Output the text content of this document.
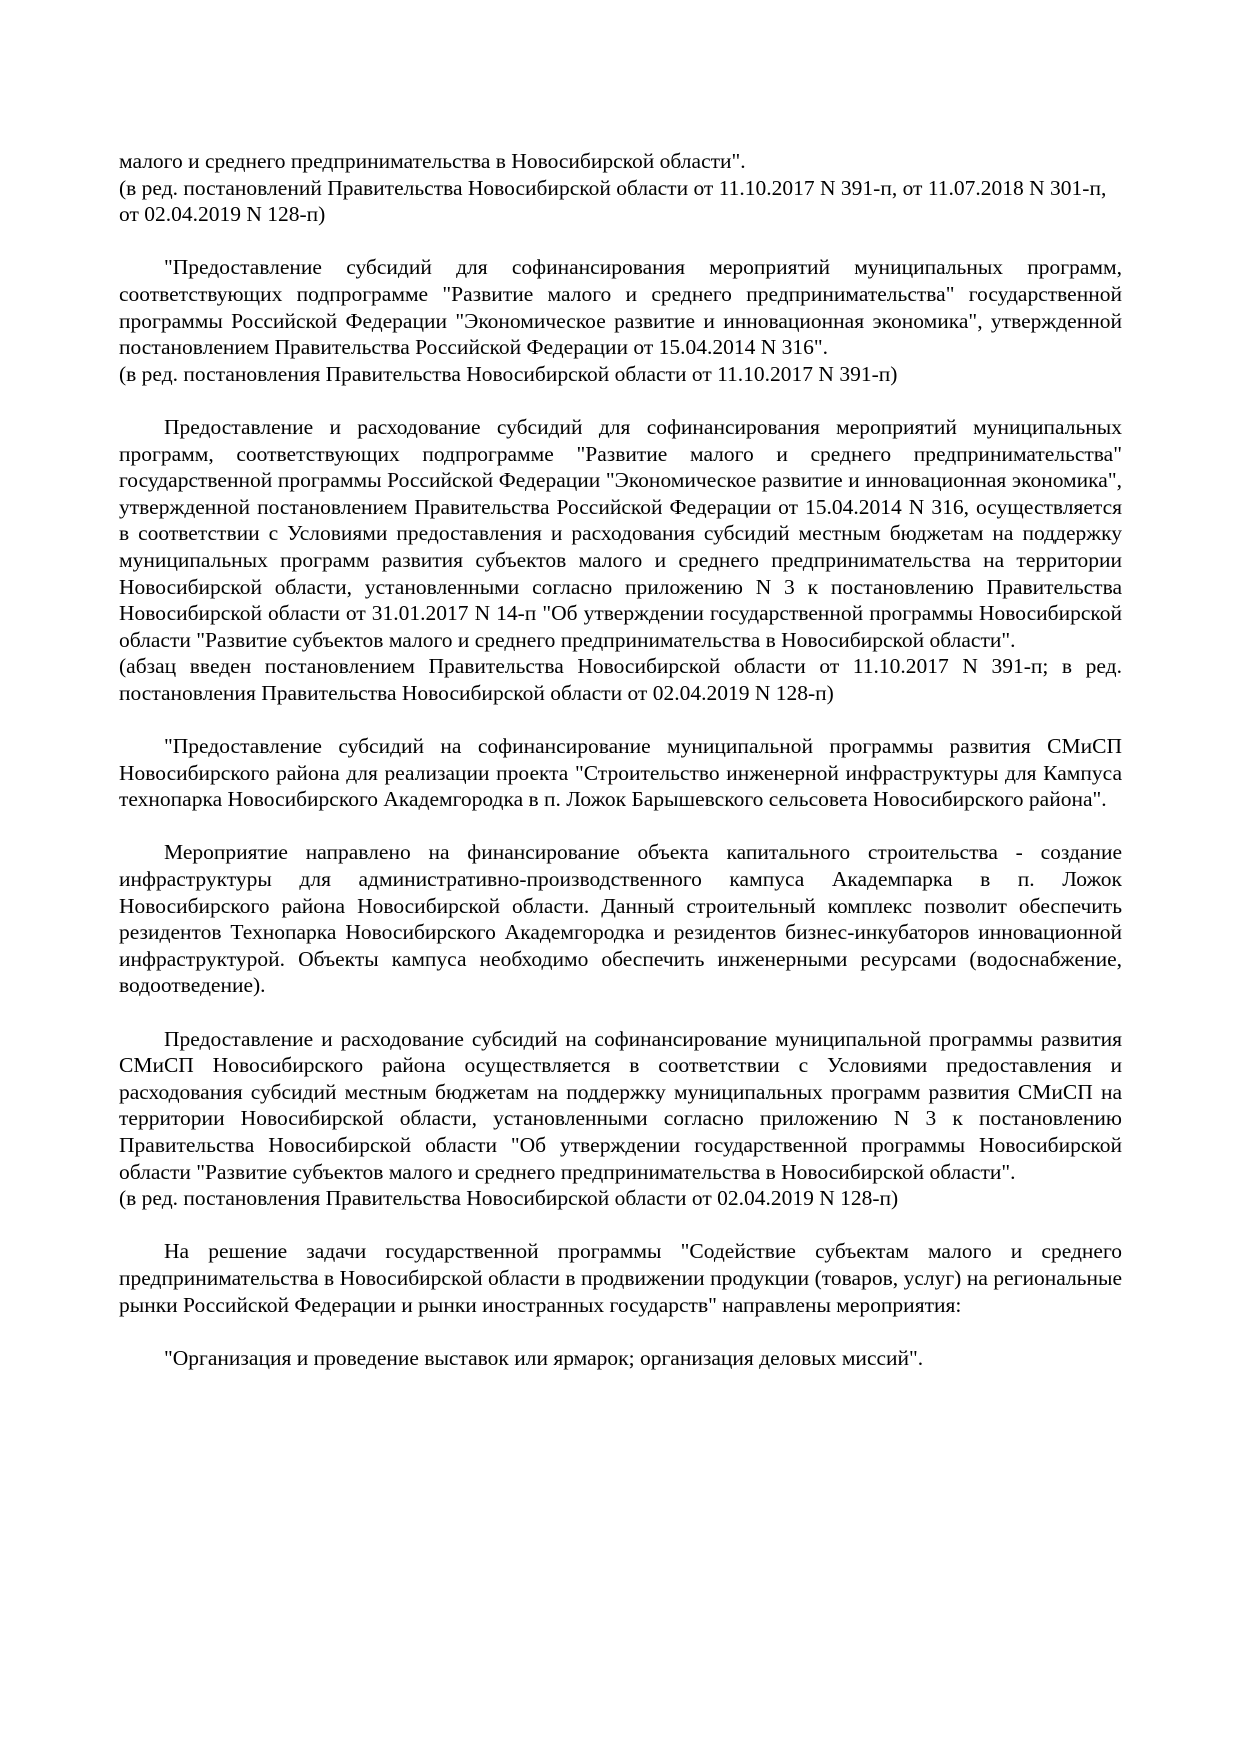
малого и среднего предпринимательства в Новосибирской области".

(в ред. постановлений Правительства Новосибирской области от 11.10.2017 N 391-п, от 11.07.2018 N 301-п, от 02.04.2019 N 128-п)

"Предоставление субсидий для софинансирования мероприятий муниципальных программ, соответствующих подпрограмме "Развитие малого и среднего предпринимательства" государственной программы Российской Федерации "Экономическое развитие и инновационная экономика", утвержденной постановлением Правительства Российской Федерации от 15.04.2014 N 316".

(в ред. постановления Правительства Новосибирской области от 11.10.2017 N 391-п)

Предоставление и расходование субсидий для софинансирования мероприятий муниципальных программ, соответствующих подпрограмме "Развитие малого и среднего предпринимательства" государственной программы Российской Федерации "Экономическое развитие и инновационная экономика", утвержденной постановлением Правительства Российской Федерации от 15.04.2014 N 316, осуществляется в соответствии с Условиями предоставления и расходования субсидий местным бюджетам на поддержку муниципальных программ развития субъектов малого и среднего предпринимательства на территории Новосибирской области, установленными согласно приложению N 3 к постановлению Правительства Новосибирской области от 31.01.2017 N 14-п "Об утверждении государственной программы Новосибирской области "Развитие субъектов малого и среднего предпринимательства в Новосибирской области".

(абзац введен постановлением Правительства Новосибирской области от 11.10.2017 N 391-п; в ред. постановления Правительства Новосибирской области от 02.04.2019 N 128-п)

"Предоставление субсидий на софинансирование муниципальной программы развития СМиСП Новосибирского района для реализации проекта "Строительство инженерной инфраструктуры для Кампуса технопарка Новосибирского Академгородка в п. Ложок Барышевского сельсовета Новосибирского района".

Мероприятие направлено на финансирование объекта капитального строительства - создание инфраструктуры для административно-производственного кампуса Академпарка в п. Ложок Новосибирского района Новосибирской области. Данный строительный комплекс позволит обеспечить резидентов Технопарка Новосибирского Академгородка и резидентов бизнес-инкубаторов инновационной инфраструктурой. Объекты кампуса необходимо обеспечить инженерными ресурсами (водоснабжение, водоотведение).

Предоставление и расходование субсидий на софинансирование муниципальной программы развития СМиСП Новосибирского района осуществляется в соответствии с Условиями предоставления и расходования субсидий местным бюджетам на поддержку муниципальных программ развития СМиСП на территории Новосибирской области, установленными согласно приложению N 3 к постановлению Правительства Новосибирской области "Об утверждении государственной программы Новосибирской области "Развитие субъектов малого и среднего предпринимательства в Новосибирской области".

(в ред. постановления Правительства Новосибирской области от 02.04.2019 N 128-п)

На решение задачи государственной программы "Содействие субъектам малого и среднего предпринимательства в Новосибирской области в продвижении продукции (товаров, услуг) на региональные рынки Российской Федерации и рынки иностранных государств" направлены мероприятия:

"Организация и проведение выставок или ярмарок; организация деловых миссий".
